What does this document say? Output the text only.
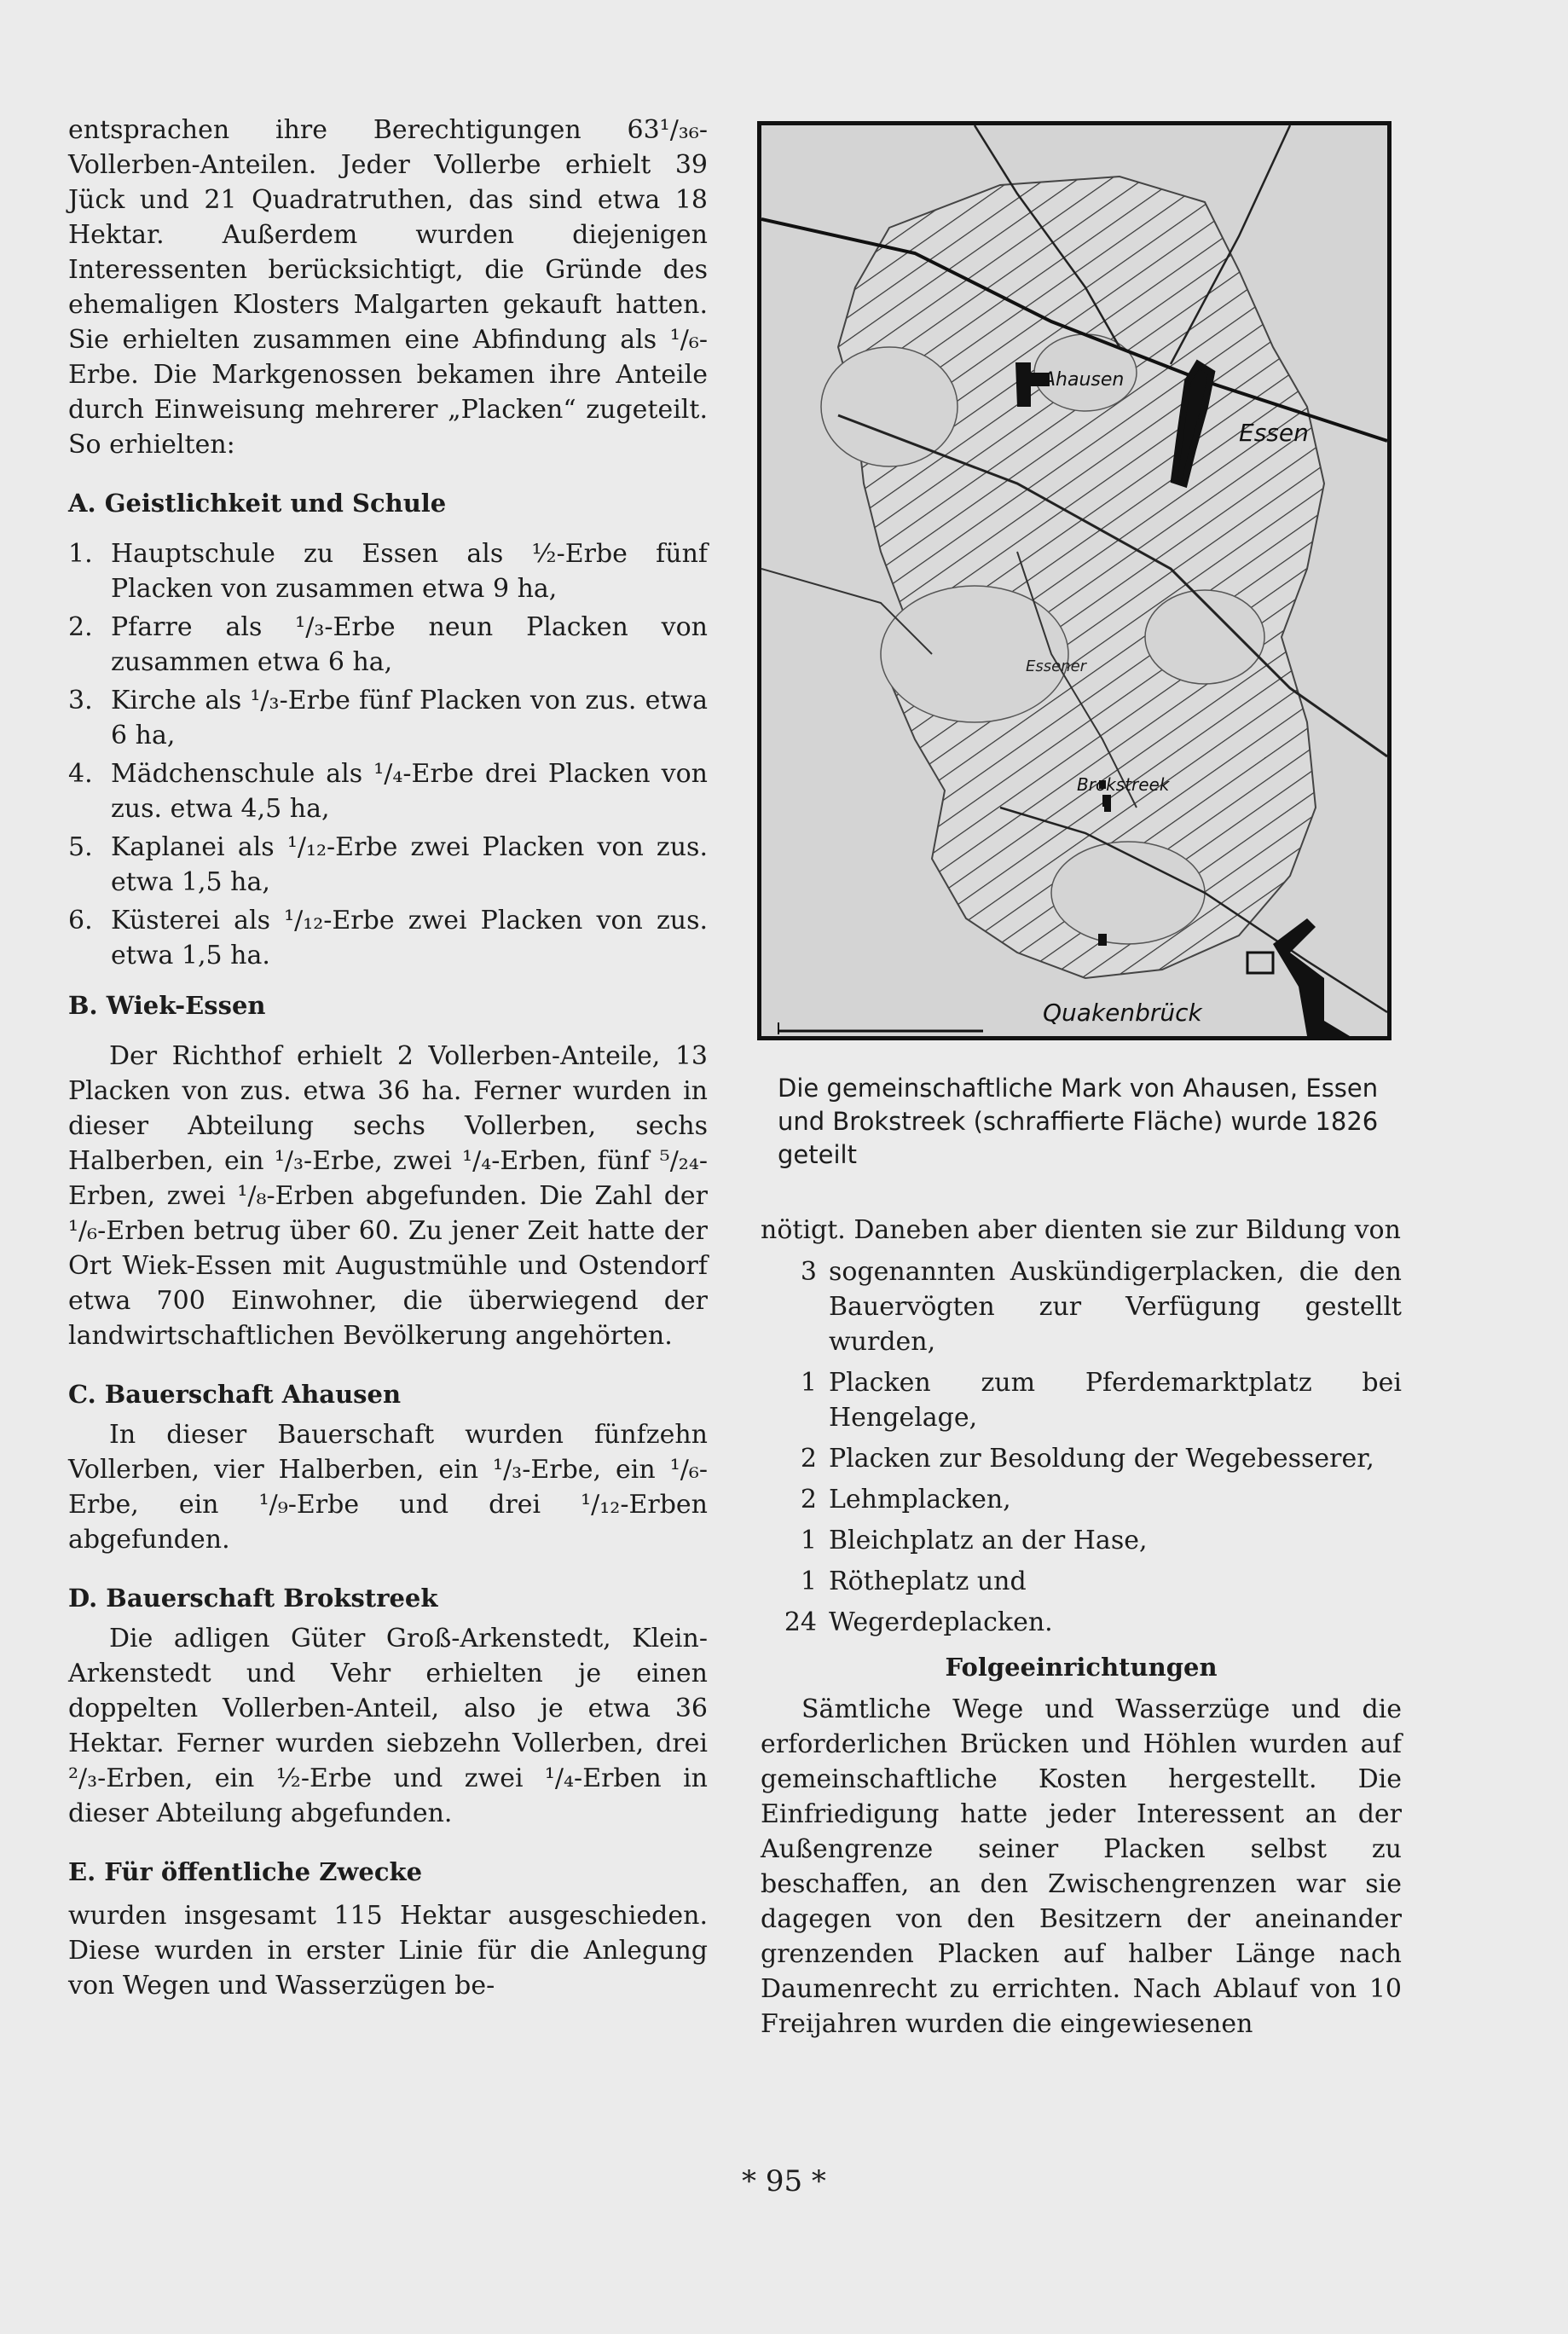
entsprachen ihre Berechtigungen 63¹/₃₆-Vollerben-Anteilen. Jeder Vollerbe erhielt 39 Jück und 21 Quadratruthen, das sind etwa 18 Hektar. Außerdem wurden diejenigen Interessenten berücksichtigt, die Gründe des ehemaligen Klosters Malgarten gekauft hatten. Sie erhielten zusammen eine Abfindung als ¹/₆-Erbe. Die Markgenossen bekamen ihre Anteile durch Einweisung mehrerer „Placken“ zugeteilt. So erhielten:

A. Geistlichkeit und Schule
1. Hauptschule zu Essen als ½-Erbe fünf Placken von zusammen etwa 9 ha,
2. Pfarre als ¹/₃-Erbe neun Placken von zusammen etwa 6 ha,
3. Kirche als ¹/₃-Erbe fünf Placken von zus. etwa 6 ha,
4. Mädchenschule als ¹/₄-Erbe drei Placken von zus. etwa 4,5 ha,
5. Kaplanei als ¹/₁₂-Erbe zwei Placken von zus. etwa 1,5 ha,
6. Küsterei als ¹/₁₂-Erbe zwei Placken von zus. etwa 1,5 ha.
B. Wiek-Essen

Der Richthof erhielt 2 Vollerben-Anteile, 13 Placken von zus. etwa 36 ha. Ferner wurden in dieser Abteilung sechs Vollerben, sechs Halberben, ein ¹/₃-Erbe, zwei ¹/₄-Erben, fünf ⁵/₂₄-Erben, zwei ¹/₈-Erben abgefunden. Die Zahl der ¹/₆-Erben betrug über 60. Zu jener Zeit hatte der Ort Wiek-Essen mit Augustmühle und Ostendorf etwa 700 Einwohner, die überwiegend der landwirtschaftlichen Bevölkerung angehörten.

C. Bauerschaft Ahausen

In dieser Bauerschaft wurden fünfzehn Vollerben, vier Halberben, ein ¹/₃-Erbe, ein ¹/₆-Erbe, ein ¹/₉-Erbe und drei ¹/₁₂-Erben abgefunden.

D. Bauerschaft Brokstreek

Die adligen Güter Groß-Arkenstedt, Klein-Arkenstedt und Vehr erhielten je einen doppelten Vollerben-Anteil, also je etwa 36 Hektar. Ferner wurden siebzehn Vollerben, drei ²/₃-Erben, ein ½-Erbe und zwei ¹/₄-Erben in dieser Abteilung abgefunden.

E. Für öffentliche Zwecke

wurden insgesamt 115 Hektar ausgeschieden. Diese wurden in erster Linie für die Anlegung von Wegen und Wasserzügen be-

Ahausen
Essen
Essener
Brokstreek
Quakenbrück
Die gemeinschaftliche Mark von Ahausen, Essen und Brokstreek (schraffierte Fläche) wurde 1826 geteilt

nötigt. Daneben aber dienten sie zur Bildung von

3 sogenannten Auskündigerplacken, die den Bauervögten zur Verfügung gestellt wurden,
1 Placken zum Pferdemarktplatz bei Hengelage,
2 Placken zur Besoldung der Wegebesserer,
2 Lehmplacken,
1 Bleichplatz an der Hase,
1 Rötheplatz und
24 Wegerdeplacken.
Folgeeinrichtungen

Sämtliche Wege und Wasserzüge und die erforderlichen Brücken und Höhlen wurden auf gemeinschaftliche Kosten hergestellt. Die Einfriedigung hatte jeder Interessent an der Außengrenze seiner Placken selbst zu beschaffen, an den Zwischengrenzen war sie dagegen von den Besitzern der aneinander grenzenden Placken auf halber Länge nach Daumenrecht zu errichten. Nach Ablauf von 10 Freijahren wurden die eingewiesenen

* 95 *
